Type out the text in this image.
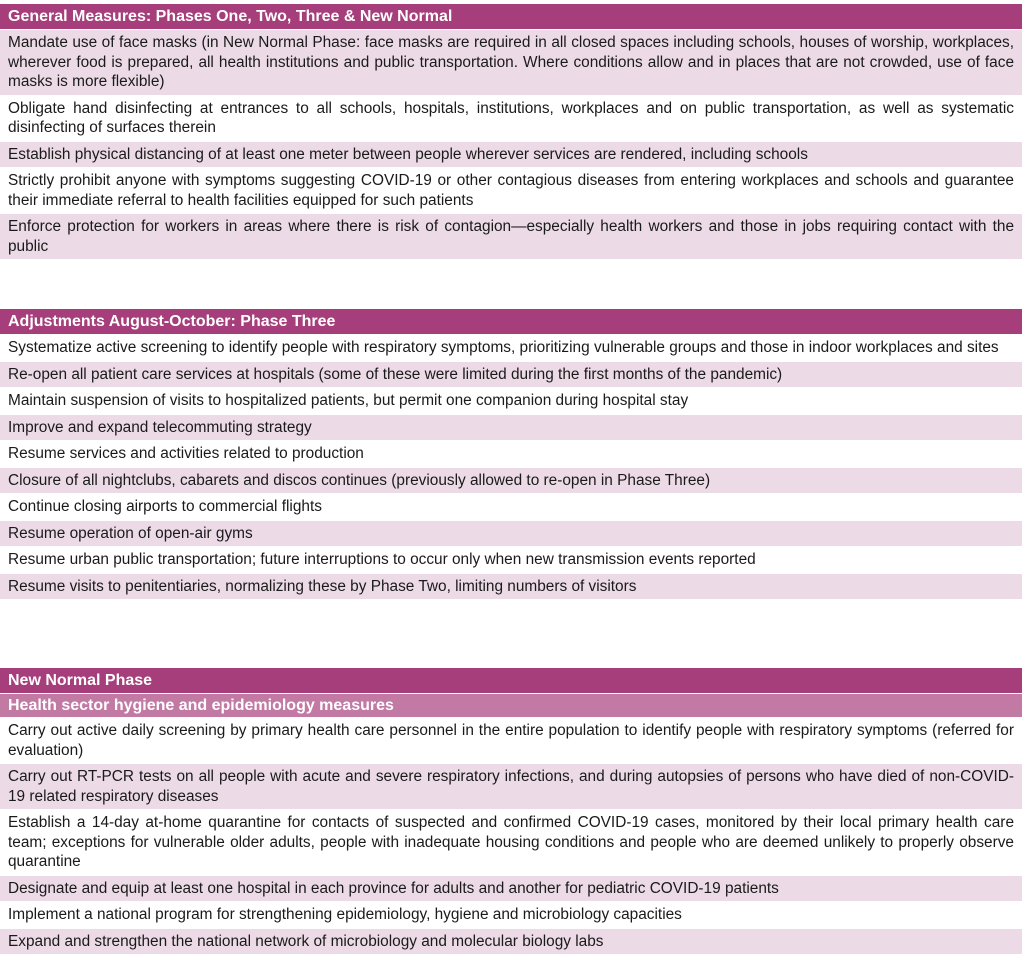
General Measures: Phases One, Two, Three & New Normal
Mandate use of face masks (in New Normal Phase: face masks are required in all closed spaces including schools, houses of worship, workplaces, wherever food is prepared, all health institutions and public transportation. Where conditions allow and in places that are not crowded, use of face masks is more flexible)
Obligate hand disinfecting at entrances to all schools, hospitals, institutions, workplaces and on public transportation, as well as systematic disinfecting of surfaces therein
Establish physical distancing of at least one meter between people wherever services are rendered, including schools
Strictly prohibit anyone with symptoms suggesting COVID-19 or other contagious diseases from entering workplaces and schools and guarantee their immediate referral to health facilities equipped for such patients
Enforce protection for workers in areas where there is risk of contagion—especially health workers and those in jobs requiring contact with the public
Adjustments August-October: Phase Three
Systematize active screening to identify people with respiratory symptoms, prioritizing vulnerable groups and those in indoor workplaces and sites
Re-open all patient care services at hospitals (some of these were limited during the first months of the pandemic)
Maintain suspension of visits to hospitalized patients, but permit one companion during hospital stay
Improve and expand telecommuting strategy
Resume services and activities related to production
Closure of all nightclubs, cabarets and discos continues (previously allowed to re-open in Phase Three)
Continue closing airports to commercial flights
Resume operation of open-air gyms
Resume urban public transportation; future interruptions to occur only when new transmission events reported
Resume visits to penitentiaries, normalizing these by Phase Two, limiting numbers of visitors
New Normal Phase
Health sector hygiene and epidemiology measures
Carry out active daily screening by primary health care personnel in the entire population to identify people with respiratory symptoms (referred for evaluation)
Carry out RT-PCR tests on all people with acute and severe respiratory infections, and during autopsies of persons who have died of non-COVID-19 related respiratory diseases
Establish a 14-day at-home quarantine for contacts of suspected and confirmed COVID-19 cases, monitored by their local primary health care team; exceptions for vulnerable older adults, people with inadequate housing conditions and people who are deemed unlikely to properly observe quarantine
Designate and equip at least one hospital in each province for adults and another for pediatric COVID-19 patients
Implement a national program for strengthening epidemiology, hygiene and microbiology capacities
Expand and strengthen the national network of microbiology and molecular biology labs
